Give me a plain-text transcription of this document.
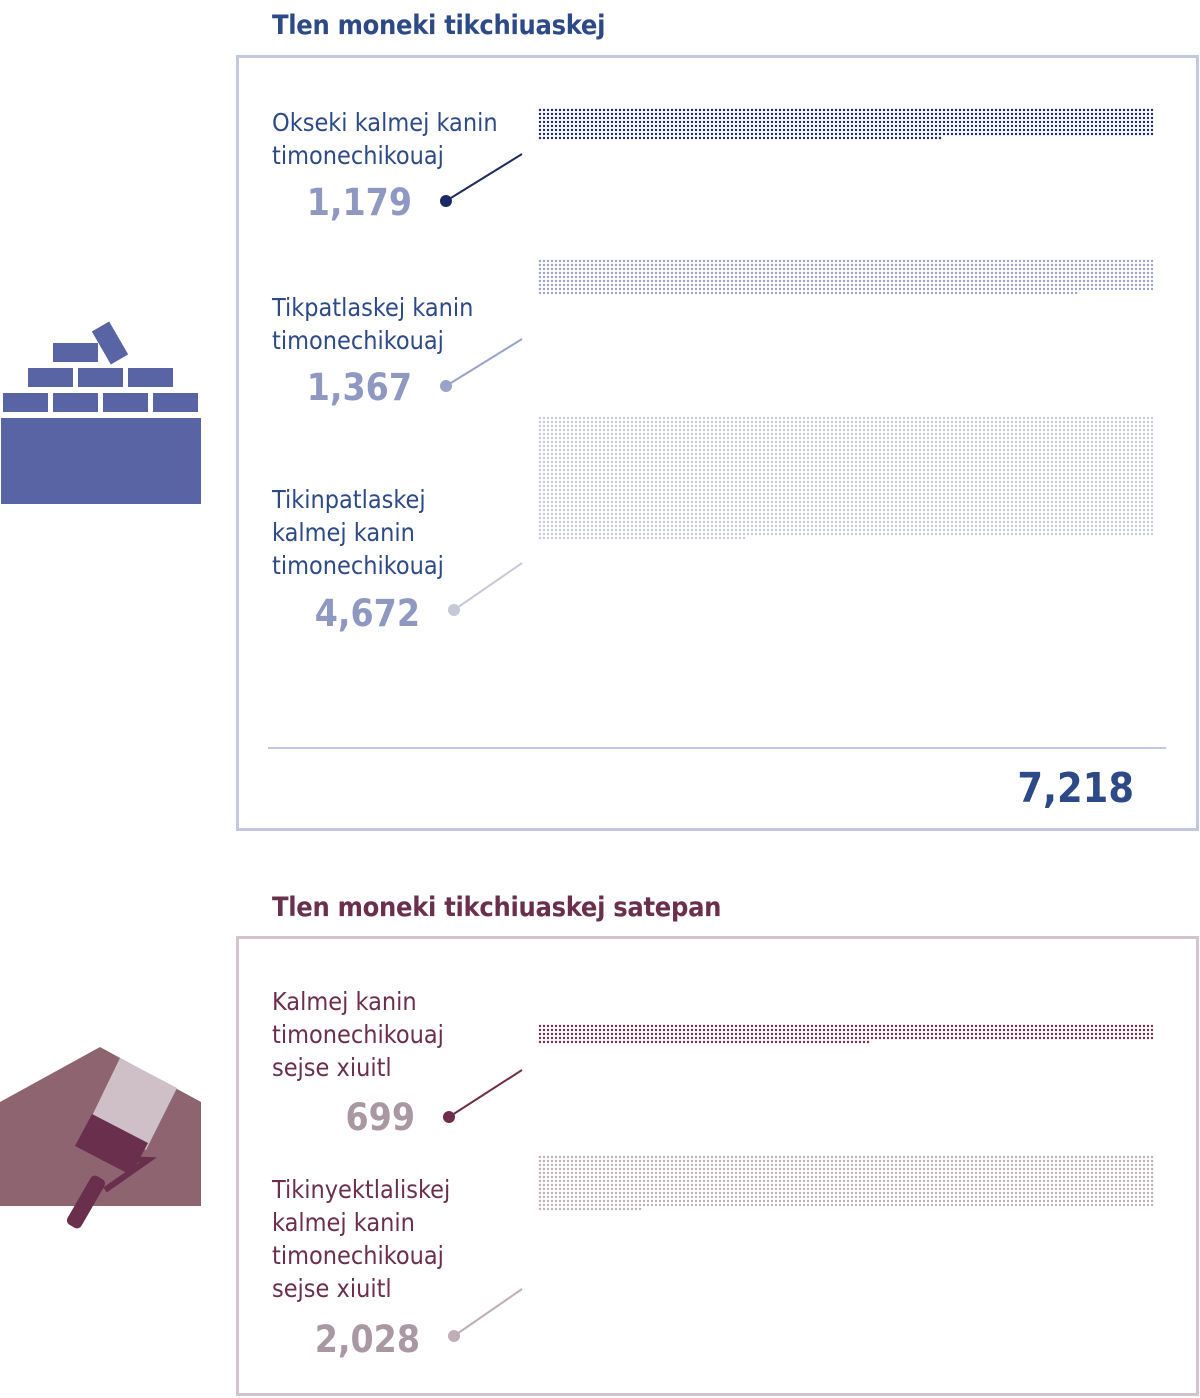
Tlen moneki tikchiuaskej
7,218
Okseki kalmej kanin
timonechikouaj
Tikpatlaskej kanin
timonechikouaj
Tikinpatlaskej
kalmej kanin
timonechikouaj
1,179
1,367
4,672
Tlen moneki tikchiuaskej satepan
Kalmej kanin
timonechikouaj
sejse xiuitl
Tikinyektlaliskej
kalmej kanin
timonechikouaj
sejse xiuitl
699
2,028
